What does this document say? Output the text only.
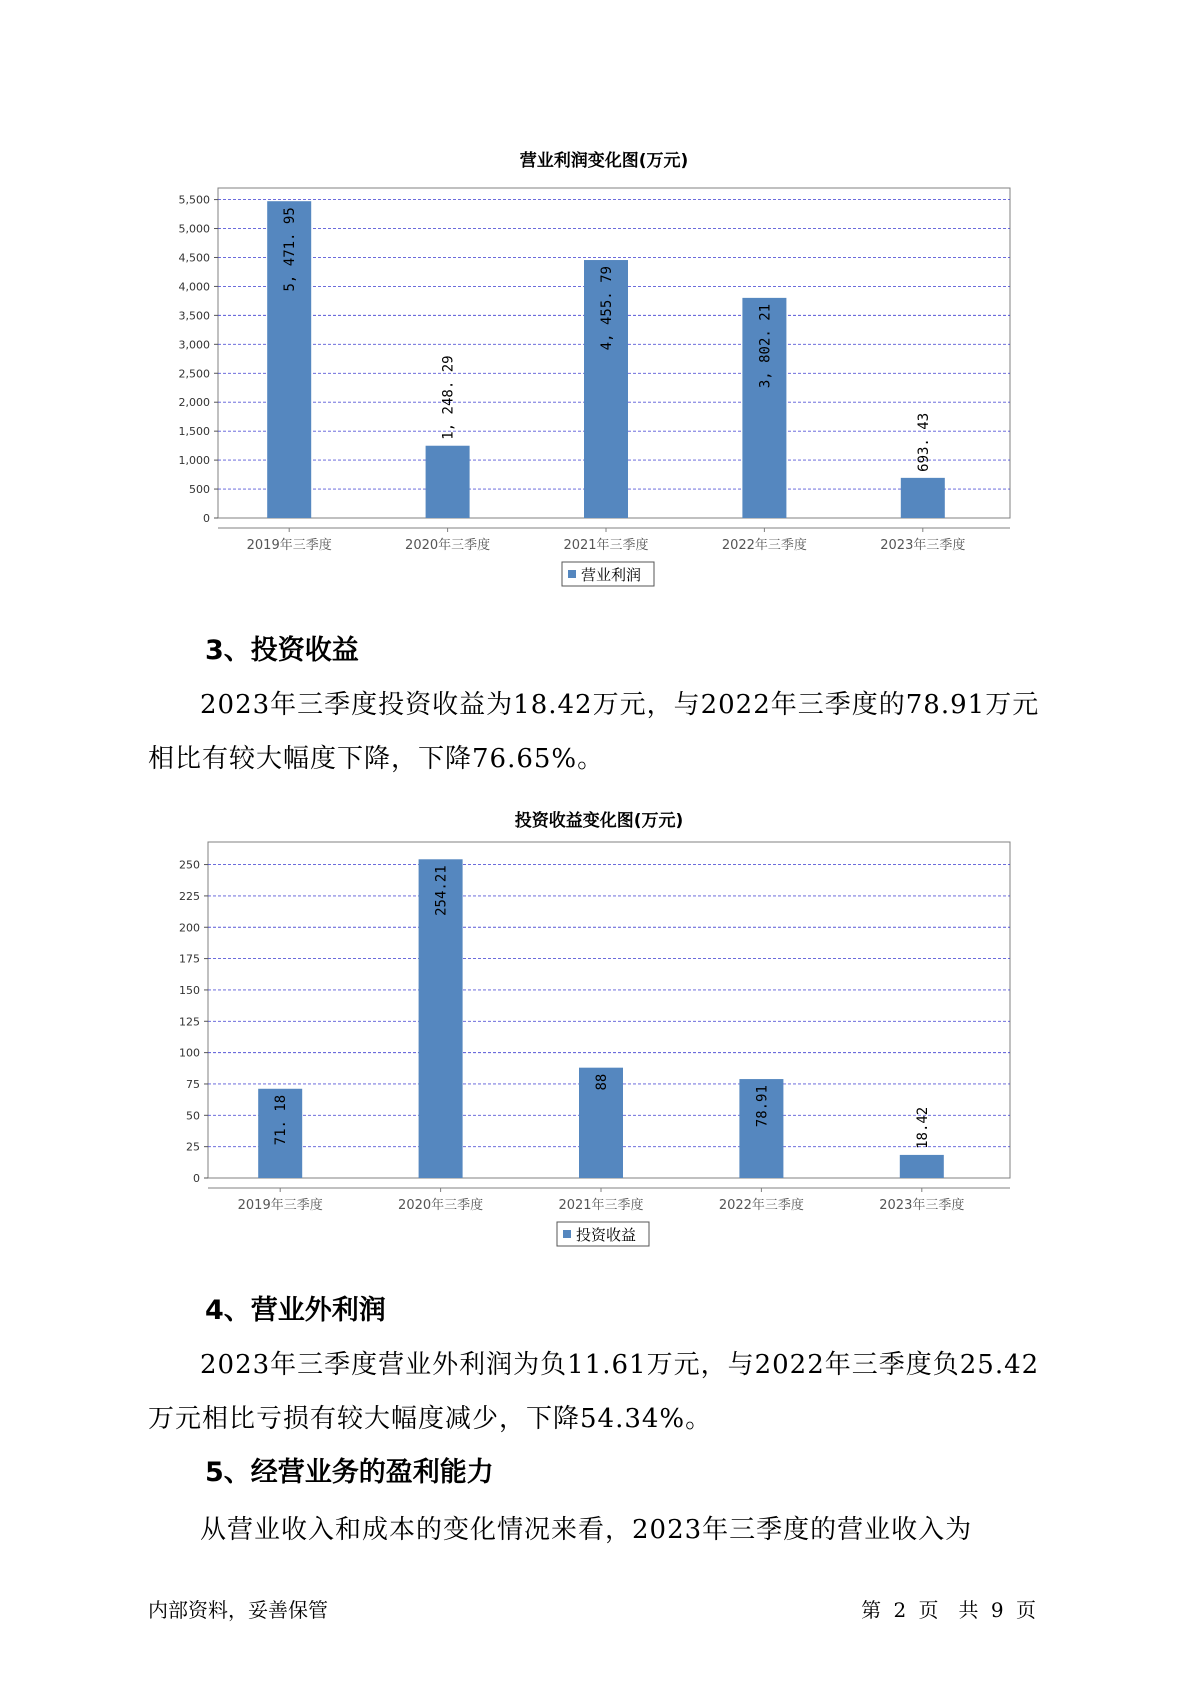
营业利润变化图(万元)
0
500
1,000
1,500
2,000
2,500
3,000
3,500
4,000
4,500
5,000
5,500
2019年三季度
5, 471. 95
2020年三季度
1, 248. 29
2021年三季度
4, 455. 79
2022年三季度
3, 802. 21
2023年三季度
693. 43
营业利润
3、投资收益

2023年三季度投资收益为18.42万元，与2022年三季度的78.91万元相比有较大幅度下降，下降76.65%。

投资收益变化图(万元)
0
25
50
75
100
125
150
175
200
225
250
2019年三季度
71. 18
2020年三季度
254.21
2021年三季度
88
2022年三季度
78.91
2023年三季度
18.42
投资收益
4、营业外利润

2023年三季度营业外利润为负11.61万元，与2022年三季度负25.42万元相比亏损有较大幅度减少，下降54.34%。

5、经营业务的盈利能力

从营业收入和成本的变化情况来看，2023年三季度的营业收入为

内部资料，妥善保管	第 2 页　共 9 页
